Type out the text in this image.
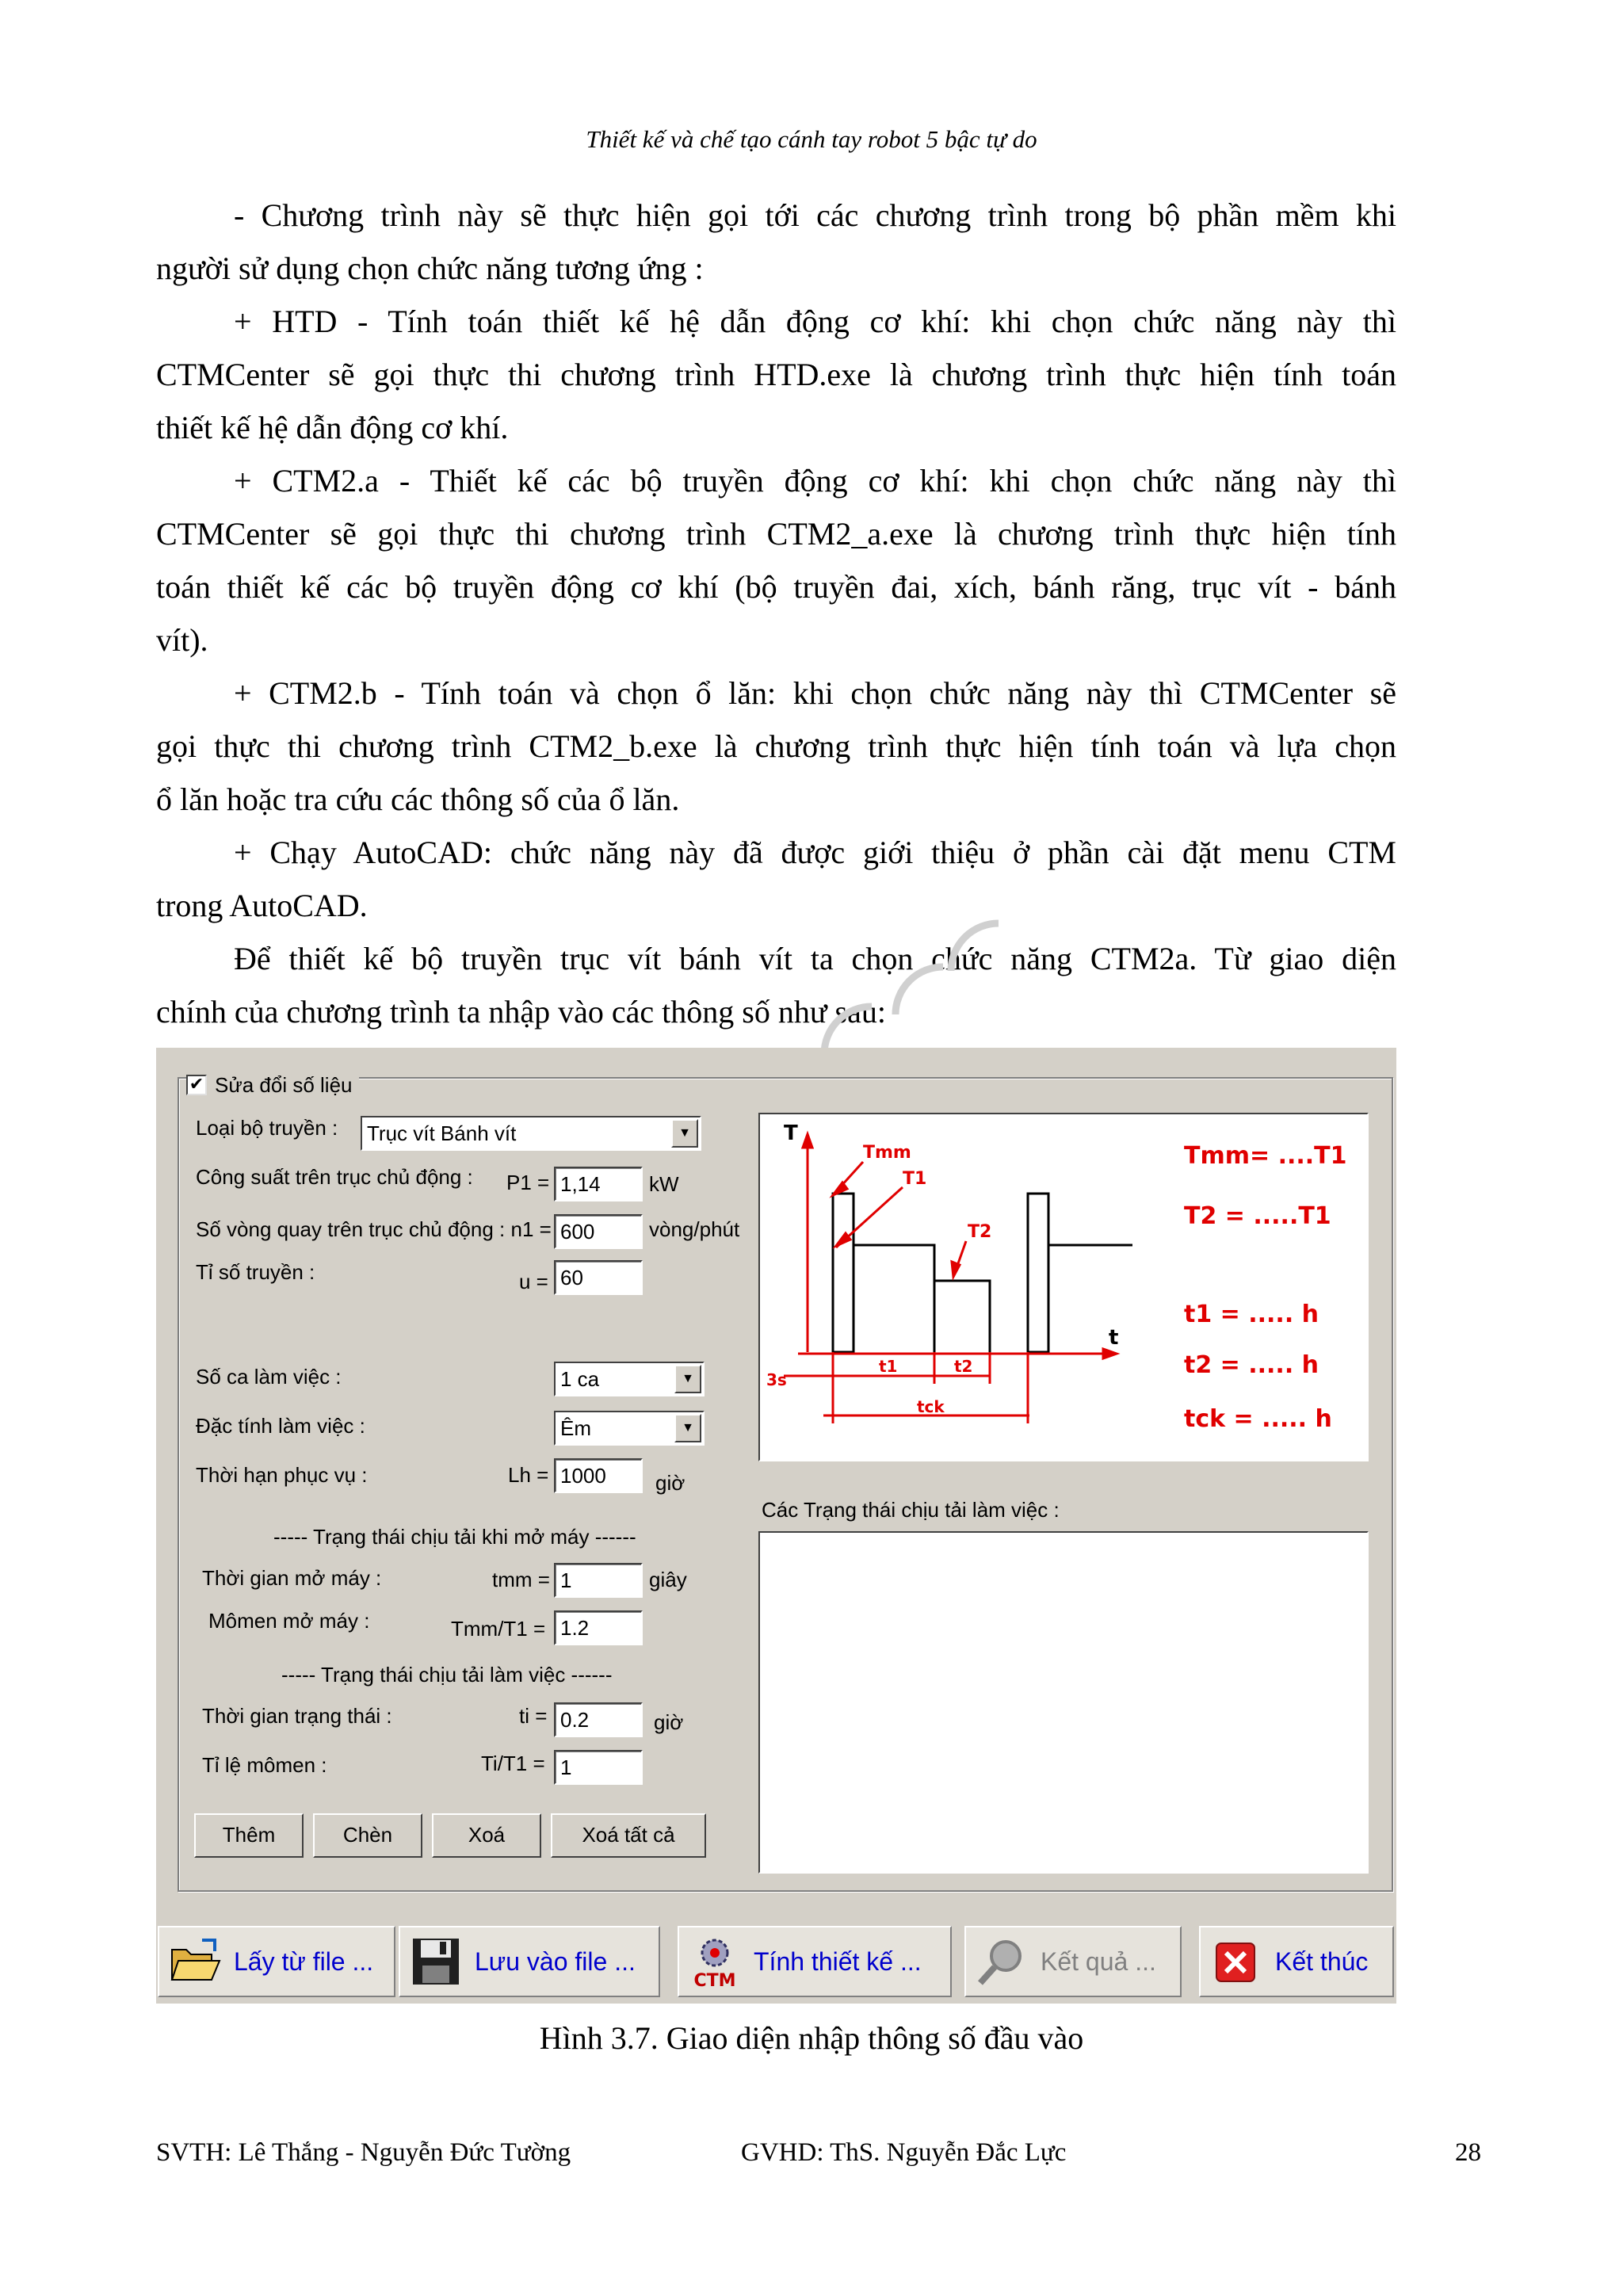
Thiết kế và chế tạo cánh tay robot 5 bậc tự do
- Chương trình này sẽ thực hiện gọi tới các chương trình trong bộ phần mềm khi
người sử dụng chọn chức năng tương ứng :
+ HTD - Tính toán thiết kế hệ dẫn động cơ khí: khi chọn chức năng này thì
CTMCenter sẽ gọi thực thi chương trình HTD.exe là chương trình thực hiện tính toán
thiết kế hệ dẫn động cơ khí.
+ CTM2.a - Thiết kế các bộ truyền động cơ khí: khi chọn chức năng này thì
CTMCenter sẽ gọi thực thi chương trình CTM2_a.exe là chương trình thực hiện tính
toán thiết kế các bộ truyền động cơ khí (bộ truyền đai, xích, bánh răng, trục vít - bánh
vít).
+ CTM2.b - Tính toán và chọn ổ lăn: khi chọn chức năng này thì CTMCenter sẽ
gọi thực thi chương trình CTM2_b.exe là chương trình thực hiện tính toán và lựa chọn
ổ lăn hoặc tra cứu các thông số của ổ lăn.
+ Chạy AutoCAD: chức năng này đã được giới thiệu ở phần cài đặt menu CTM
trong AutoCAD.
Để thiết kế bộ truyền trục vít bánh vít ta chọn chức năng CTM2a. Từ giao diện
chính của chương trình ta nhập vào các thông số như sau:
✔ Sửa đổi số liệu
Loại bộ truyền :	Trục vít Bánh vít	▼
Công suất trên trục chủ động : P1 = 1,14	kW
Số vòng quay trên trục chủ động : n1 = 600	vòng/phút
Tỉ số truyền :	u = 60
Số ca làm việc :	1 ca	▼
Đặc tính làm việc :	Êm	▼
Thời hạn phục vụ :	Lh = 1000	giờ
----- Trạng thái chịu tải khi mở máy ------
Thời gian mở máy :	tmm = 1	giây
Mômen mở máy :	Tmm/T1 = 1.2
----- Trạng thái chịu tải làm việc ------
Thời gian trạng thái :	ti = 0.2	giờ
Tỉ lệ mômen :	Ti/T1 = 1
Thêm	Chèn	Xoá	Xoá tất cả
T
t
Tmm
T1
T2
3s
t1	t2
tck
Tmm= ....T1
T2 = .....T1
t1 = ..... h
t2 = ..... h
tck = ..... h
Các Trạng thái chịu tải làm việc :
Lấy từ file ...	Lưu vào file ...
CTM
Tính thiết kế ...	Kết quả ...	Kết thúc
Hình 3.7. Giao diện nhập thông số đầu vào
SVTH: Lê Thắng - Nguyễn Đức Tường	GVHD: ThS. Nguyễn Đắc Lực	28
